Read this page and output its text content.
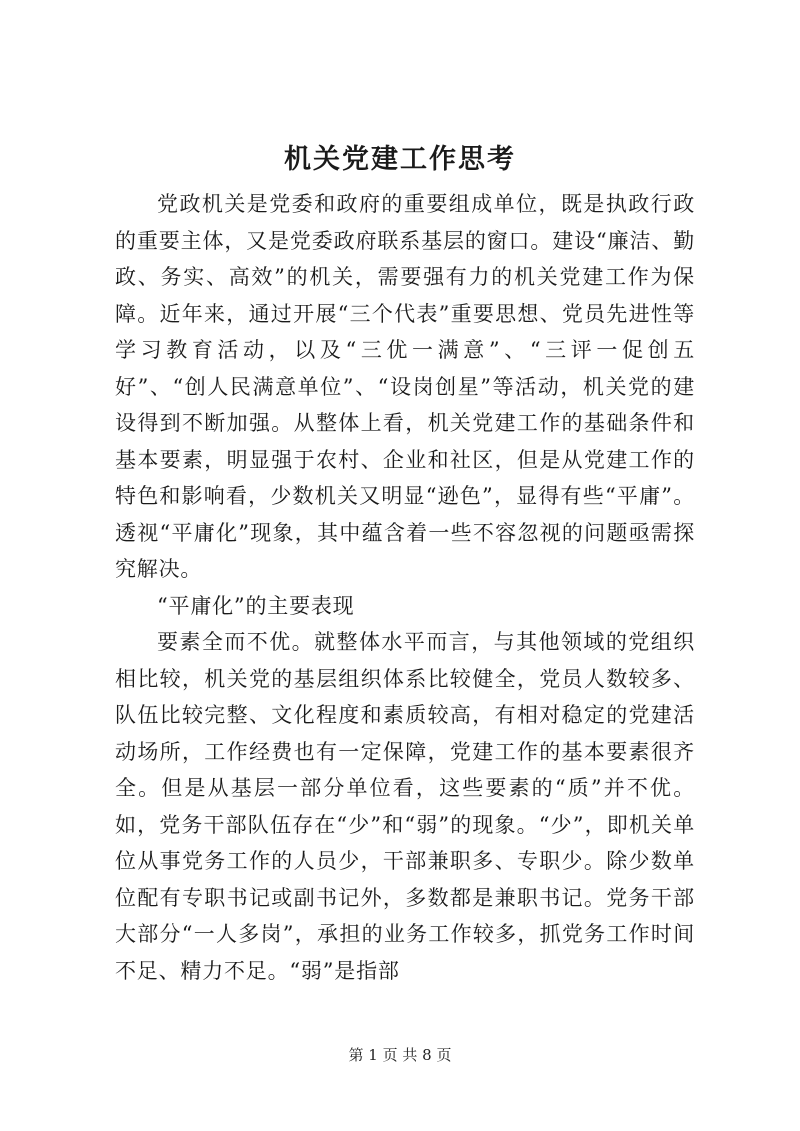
机关党建工作思考

党政机关是党委和政府的重要组成单位，既是执政行政的重要主体，又是党委政府联系基层的窗口。建设“廉洁、勤政、务实、高效”的机关，需要强有力的机关党建工作为保障。近年来，通过开展“三个代表”重要思想、党员先进性等学习教育活动，以及“三优一满意”、“三评一促创五好”、“创人民满意单位”、“设岗创星”等活动，机关党的建设得到不断加强。从整体上看，机关党建工作的基础条件和基本要素，明显强于农村、企业和社区，但是从党建工作的特色和影响看，少数机关又明显“逊色”，显得有些“平庸”。透视“平庸化”现象，其中蕴含着一些不容忽视的问题亟需探究解决。

“平庸化”的主要表现

要素全而不优。就整体水平而言，与其他领域的党组织相比较，机关党的基层组织体系比较健全，党员人数较多、队伍比较完整、文化程度和素质较高，有相对稳定的党建活动场所，工作经费也有一定保障，党建工作的基本要素很齐全。但是从基层一部分单位看，这些要素的“质”并不优。如，党务干部队伍存在“少”和“弱”的现象。“少”，即机关单位从事党务工作的人员少，干部兼职多、专职少。除少数单位配有专职书记或副书记外，多数都是兼职书记。党务干部大部分“一人多岗”，承担的业务工作较多，抓党务工作时间不足、精力不足。“弱”是指部

第 1 页 共 8 页
